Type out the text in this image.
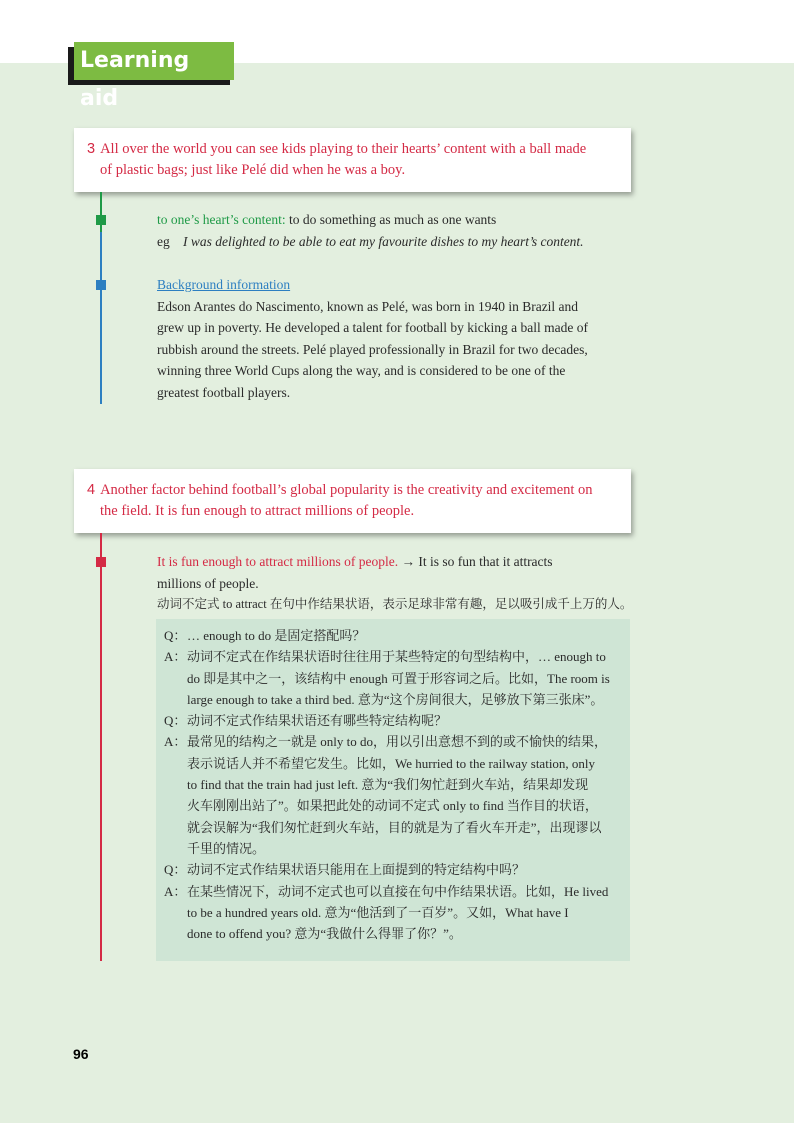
Learning aid
3 All over the world you can see kids playing to their hearts’ content with a ball made
of plastic bags; just like Pelé did when he was a boy.
to one’s heart’s content: to do something as much as one wants
eg I was delighted to be able to eat my favourite dishes to my heart’s content.
Background information
Edson Arantes do Nascimento, known as Pelé, was born in 1940 in Brazil and
grew up in poverty. He developed a talent for football by kicking a ball made of
rubbish around the streets. Pelé played professionally in Brazil for two decades,
winning three World Cups along the way, and is considered to be one of the
greatest football players.
4 Another factor behind football’s global popularity is the creativity and excitement on
the field. It is fun enough to attract millions of people.
It is fun enough to attract millions of people. → It is so fun that it attracts
millions of people.
动词不定式 to attract 在句中作结果状语，表示足球非常有趣，足以吸引成千上万的人。
Q： … enough to do 是固定搭配吗？
A： 动词不定式在作结果状语时往往用于某些特定的句型结构中，… enough to
do 即是其中之一，该结构中 enough 可置于形容词之后。比如，The room is
large enough to take a third bed. 意为“这个房间很大，足够放下第三张床”。
Q： 动词不定式作结果状语还有哪些特定结构呢？
A： 最常见的结构之一就是 only to do，用以引出意想不到的或不愉快的结果，
表示说话人并不希望它发生。比如，We hurried to the railway station, only
to find that the train had just left. 意为“我们匆忙赶到火车站，结果却发现
火车刚刚出站了”。如果把此处的动词不定式 only to find 当作目的状语，
就会误解为“我们匆忙赶到火车站，目的就是为了看火车开走”，出现谬以
千里的情况。
Q： 动词不定式作结果状语只能用在上面提到的特定结构中吗？
A： 在某些情况下，动词不定式也可以直接在句中作结果状语。比如，He lived
to be a hundred years old. 意为“他活到了一百岁”。又如，What have I
done to offend you? 意为“我做什么得罪了你？”。
96
